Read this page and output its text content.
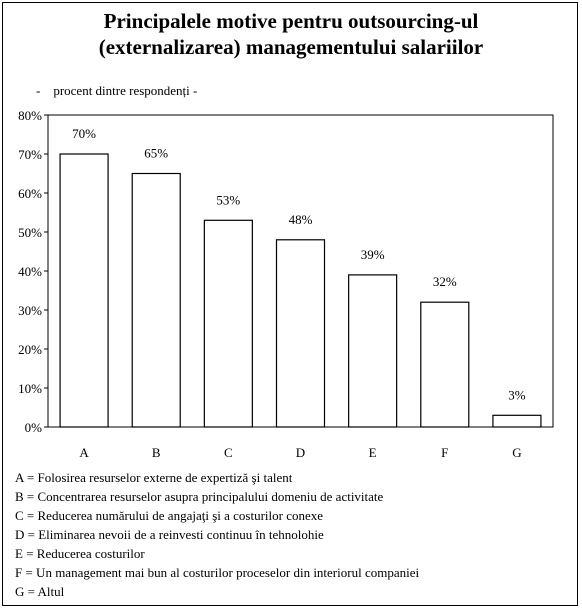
Principalele motive pentru outsourcing-ul
(externalizarea) managementului salariilor
-    procent dintre respondenți -
0%
10%
20%
30%
40%
50%
60%
70%
80%
70%
A
65%
B
53%
C
48%
D
39%
E
32%
F
3%
G
A = Folosirea resurselor externe de expertiză şi talent
B = Concentrarea resurselor asupra principalului domeniu de activitate
C = Reducerea numărului de angajaţi şi a costurilor conexe
D = Eliminarea nevoii de a reinvesti continuu în tehnolohie
E = Reducerea costurilor
F = Un management mai bun al costurilor proceselor din interiorul companiei
G = Altul
